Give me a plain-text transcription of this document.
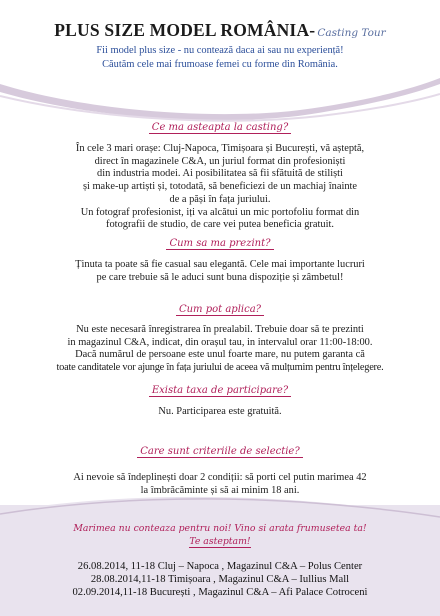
PLUS SIZE MODEL ROMÂNIA- Casting Tour
Fii model plus size - nu contează daca ai sau nu experiență!
Căutăm cele mai frumoase femei cu forme din România.
Ce ma asteapta la casting?
În cele 3 mari orașe: Cluj-Napoca, Timișoara și București, vă așteptă,
direct în magazinele C&A, un juriul format din profesioniști
din industria modei. Ai posibilitatea să fii sfătuită de stiliști
și make-up artiști și, totodată, să beneficiezi de un machiaj înainte
de a păși în fața juriului.
Un fotograf profesionist, iți va alcătui un mic portofoliu format din
fotografii de studio, de care vei putea beneficia gratuit.
Cum sa ma prezint?
Ținuta ta poate să fie casual sau elegantă. Cele mai importante lucruri
pe care trebuie să le aduci sunt buna dispoziție și zâmbetul!
Cum pot aplica?
Nu este necesară înregistrarea în prealabil. Trebuie doar să te prezinti
in magazinul C&A, indicat, din orașul tau, in intervalul orar 11:00-18:00.
Dacă numărul de persoane este unul foarte mare, nu putem garanta că
toate canditatele vor ajunge în fața juriului de aceea vă mulțumim pentru înțelegere.
Exista taxa de participare?
Nu. Participarea este gratuită.
Care sunt criteriile de selectie?
Ai nevoie să îndeplinești doar 2 condiții: să porti cel putin marimea 42
la îmbrăcăminte și să ai minim 18 ani.
Marimea nu conteaza pentru noi! Vino si arata frumusetea ta!
Te asteptam!
26.08.2014, 11-18 Cluj – Napoca , Magazinul C&A – Polus Center
28.08.2014,11-18 Timișoara , Magazinul C&A – Iullius Mall
02.09.2014,11-18 București , Magazinul C&A – Afi Palace Cotroceni
